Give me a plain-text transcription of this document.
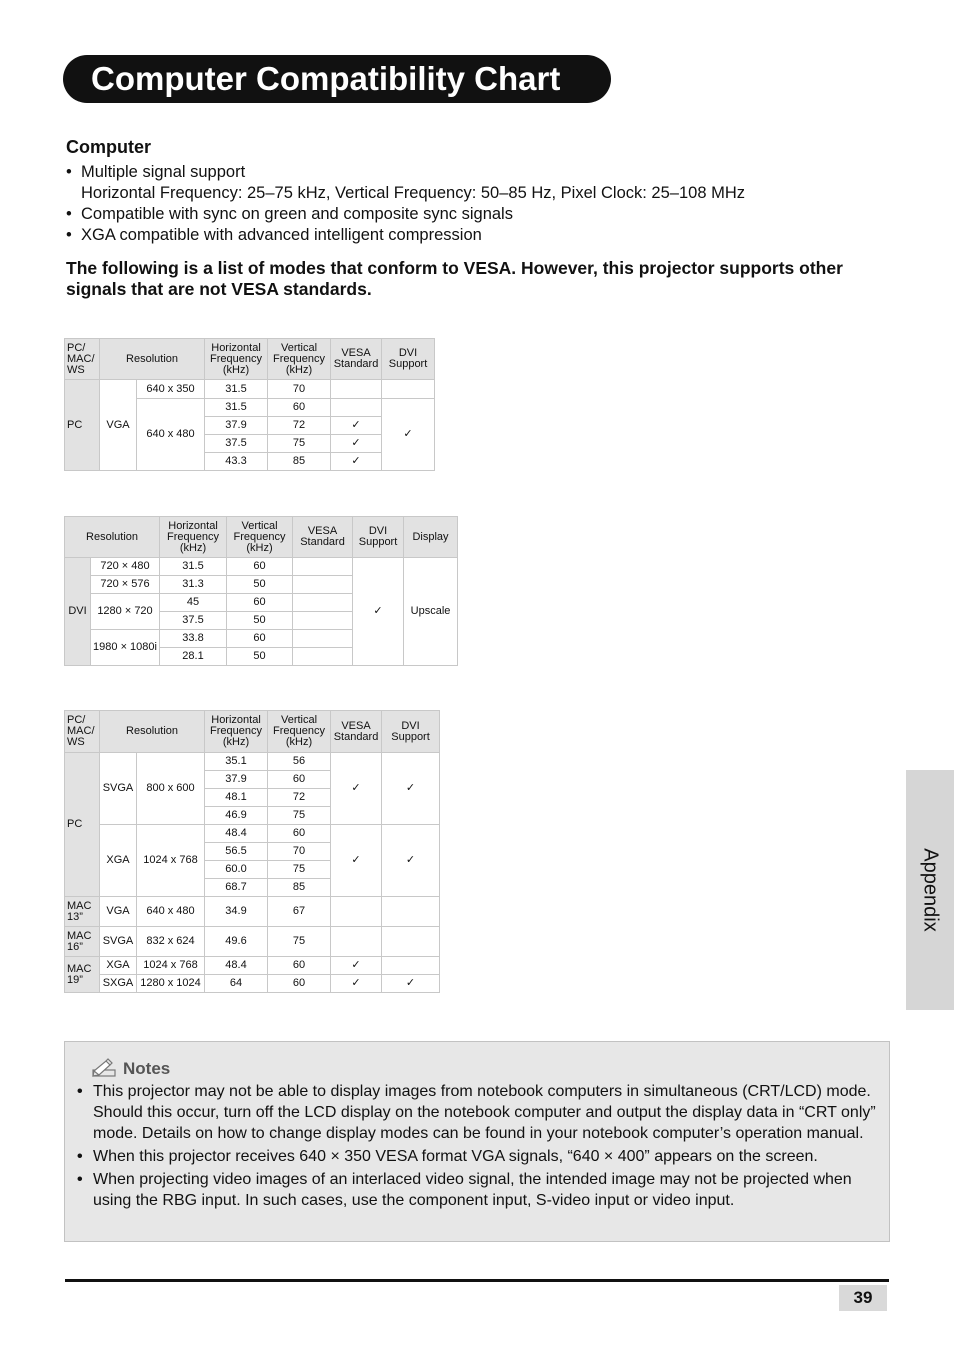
Computer Compatibility Chart
Computer
• Multiple signal support
Horizontal Frequency: 25–75 kHz, Vertical Frequency: 50–85 Hz, Pixel Clock: 25–108 MHz
• Compatible with sync on green and composite sync signals
• XGA compatible with advanced intelligent compression
The following is a list of modes that conform to VESA. However, this projector supports other signals that are not VESA standards.
PC/ MAC/ WS	Resolution		Horizontal Frequency (kHz)	Vertical Frequency (kHz)	VESA Standard	DVI Support
PC	VGA	640 x 350	31.5	70		
		640 x 480	31.5	60		✓
			37.9	72	✓	
			37.5	75	✓	
			43.3	85	✓	
Resolution		Horizontal Frequency (kHz)	Vertical Frequency (kHz)	VESA Standard	DVI Support	Display
DVI	720 × 480	31.5	60		✓	Upscale
	720 × 576	31.3	50			
	1280 × 720	45	60			
		37.5	50			
	1980 × 1080i	33.8	60			
		28.1	50			
PC/ MAC/ WS	Resolution		Horizontal Frequency (kHz)	Vertical Frequency (kHz)	VESA Standard	DVI Support
PC	SVGA	800 x 600	35.1	56	✓	✓
			37.9	60		
			48.1	72		
			46.9	75		
	XGA	1024 x 768	48.4	60	✓	✓
			56.5	70		
			60.0	75		
			68.7	85		
MAC 13”	VGA	640 x 480	34.9	67		
MAC 16”	SVGA	832 x 624	49.6	75		
MAC 19”	XGA	1024 x 768	48.4	60	✓	
	SXGA	1280 x 1024	64	60	✓	✓
Appendix
Notes
• This projector may not be able to display images from notebook computers in simultaneous (CRT/LCD) mode. Should this occur, turn off the LCD display on the notebook computer and output the display data in “CRT only” mode. Details on how to change display modes can be found in your notebook computer’s operation manual.
• When this projector receives 640 × 350 VESA format VGA signals, “640 × 400” appears on the screen.
• When projecting video images of an interlaced video signal, the intended image may not be projected when using the RBG input. In such cases, use the component input, S-video input or video input.
39
